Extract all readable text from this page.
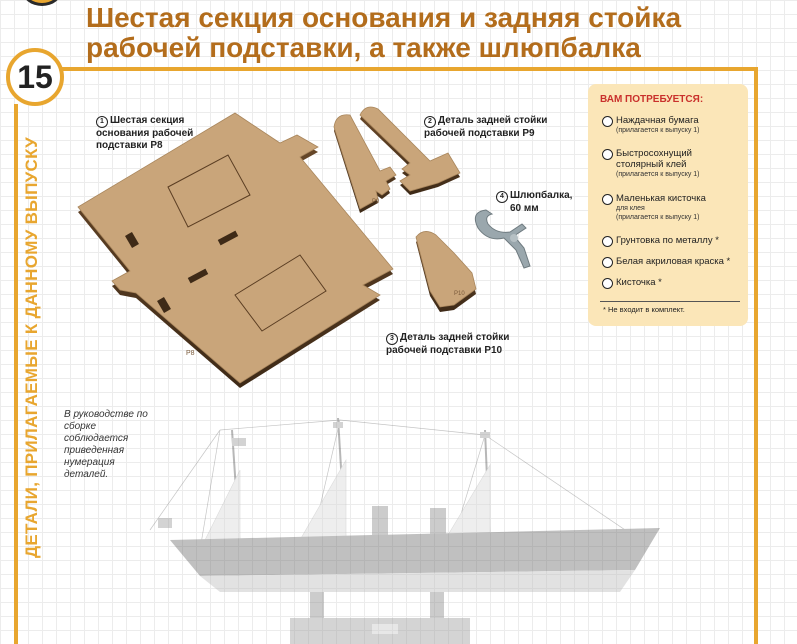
15
Шестая секция основания и задняя стойка
рабочей подставки, а также шлюпбалка
ДЕТАЛИ, ПРИЛАГАЕМЫЕ К ДАННОМУ ВЫПУСКУ	P8
P9
P10
1 Шестая секция
основания рабочей
подставки P8
2 Деталь задней стойки
рабочей подставки P9
3 Деталь задней стойки
рабочей подставки P10
4 Шлюпбалка,
60 мм
ВАМ ПОТРЕБУЕТСЯ:
Наждачная бумага
(прилагается к выпуску 1)
Быстросохнущий столярный клей
(прилагается к выпуску 1)
Маленькая кисточка
для клея
(прилагается к выпуску 1)
Грунтовка по металлу *
Белая акриловая краска *
Кисточка *
* Не входит в комплект.
В руководстве по сборке соблюдается приведенная нумерация деталей.
